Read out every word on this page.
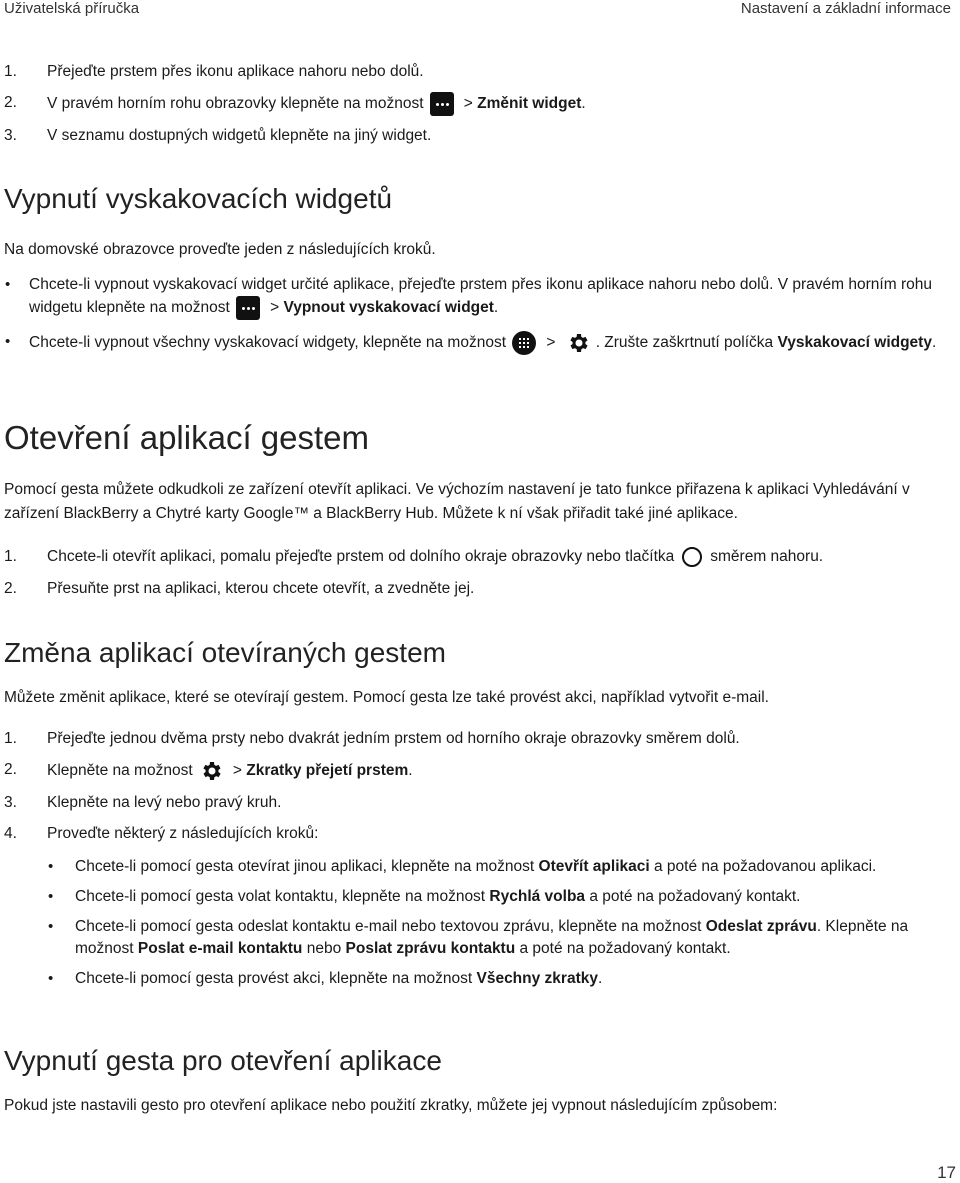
Uživatelská příručka	Nastavení a základní informace
1. Přejeďte prstem přes ikonu aplikace nahoru nebo dolů.
2. V pravém horním rohu obrazovky klepněte na možnost > Změnit widget.
3. V seznamu dostupných widgetů klepněte na jiný widget.
Vypnutí vyskakovacích widgetů

Na domovské obrazovce proveďte jeden z následujících kroků.

• Chcete-li vypnout vyskakovací widget určité aplikace, přejeďte prstem přes ikonu aplikace nahoru nebo dolů. V pravém horním rohu widgetu klepněte na možnost > Vypnout vyskakovací widget.
• Chcete-li vypnout všechny vyskakovací widgety, klepněte na možnost > . Zrušte zaškrtnutí políčka Vyskakovací widgety.
Otevření aplikací gestem

Pomocí gesta můžete odkudkoli ze zařízení otevřít aplikaci. Ve výchozím nastavení je tato funkce přiřazena k aplikaci Vyhledávání v zařízení BlackBerry a Chytré karty Google™ a BlackBerry Hub. Můžete k ní však přiřadit také jiné aplikace.

1. Chcete-li otevřít aplikaci, pomalu přejeďte prstem od dolního okraje obrazovky nebo tlačítka směrem nahoru.
2. Přesuňte prst na aplikaci, kterou chcete otevřít, a zvedněte jej.
Změna aplikací otevíraných gestem

Můžete změnit aplikace, které se otevírají gestem. Pomocí gesta lze také provést akci, například vytvořit e-mail.

1. Přejeďte jednou dvěma prsty nebo dvakrát jedním prstem od horního okraje obrazovky směrem dolů.
2. Klepněte na možnost > Zkratky přejetí prstem.
3. Klepněte na levý nebo pravý kruh.
4. Proveďte některý z následujících kroků:
• Chcete-li pomocí gesta otevírat jinou aplikaci, klepněte na možnost Otevřít aplikaci a poté na požadovanou aplikaci.
• Chcete-li pomocí gesta volat kontaktu, klepněte na možnost Rychlá volba a poté na požadovaný kontakt.
• Chcete-li pomocí gesta odeslat kontaktu e-mail nebo textovou zprávu, klepněte na možnost Odeslat zprávu. Klepněte na možnost Poslat e-mail kontaktu nebo Poslat zprávu kontaktu a poté na požadovaný kontakt.
• Chcete-li pomocí gesta provést akci, klepněte na možnost Všechny zkratky.
Vypnutí gesta pro otevření aplikace

Pokud jste nastavili gesto pro otevření aplikace nebo použití zkratky, můžete jej vypnout následujícím způsobem:

17
